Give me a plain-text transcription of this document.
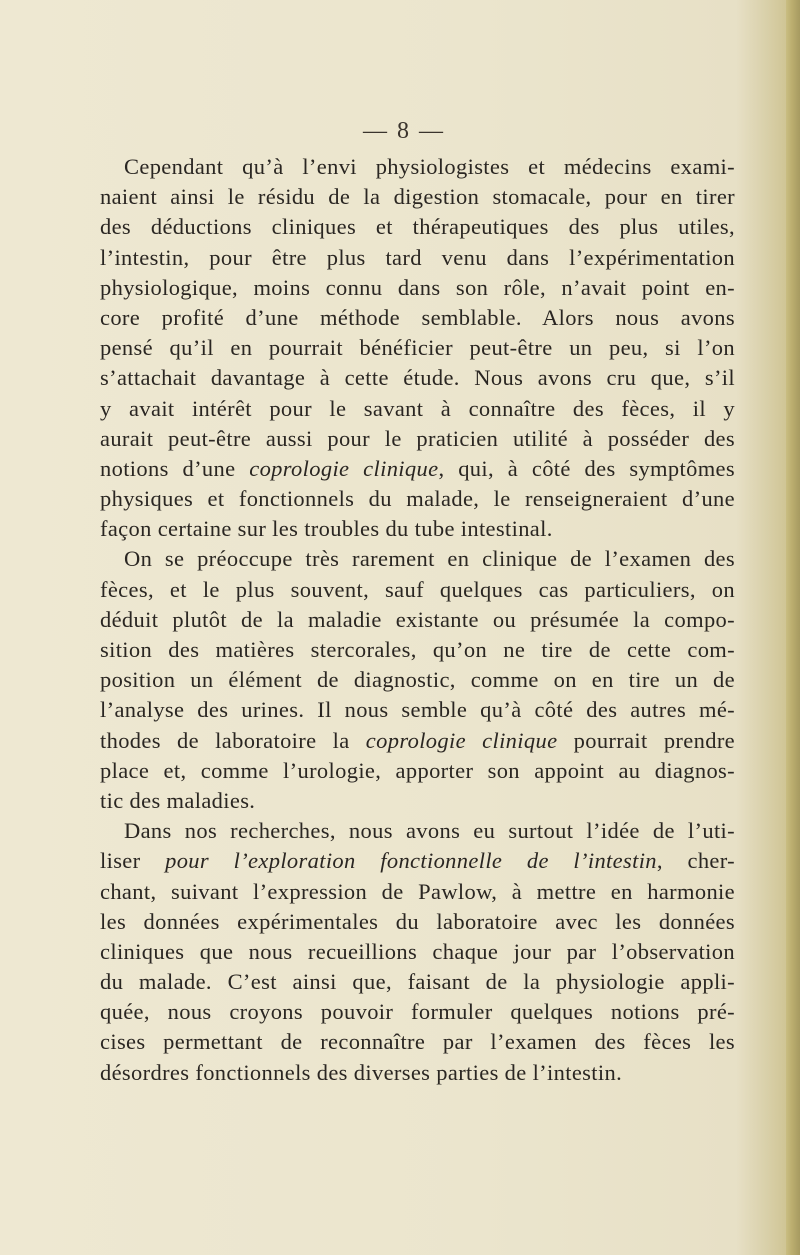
— 8 —
Cependant qu’à l’envi physiologistes et médecins exami-
naient ainsi le résidu de la digestion stomacale, pour en tirer
des déductions cliniques et thérapeutiques des plus utiles,
l’intestin, pour être plus tard venu dans l’expérimentation
physiologique, moins connu dans son rôle, n’avait point en-
core profité d’une méthode semblable. Alors nous avons
pensé qu’il en pourrait bénéficier peut-être un peu, si l’on
s’attachait davantage à cette étude. Nous avons cru que, s’il
y avait intérêt pour le savant à connaître des fèces, il y
aurait peut-être aussi pour le praticien utilité à posséder des
notions d’une coprologie clinique, qui, à côté des symptômes
physiques et fonctionnels du malade, le renseigneraient d’une
façon certaine sur les troubles du tube intestinal.
On se préoccupe très rarement en clinique de l’examen des
fèces, et le plus souvent, sauf quelques cas particuliers, on
déduit plutôt de la maladie existante ou présumée la compo-
sition des matières stercorales, qu’on ne tire de cette com-
position un élément de diagnostic, comme on en tire un de
l’analyse des urines. Il nous semble qu’à côté des autres mé-
thodes de laboratoire la coprologie clinique pourrait prendre
place et, comme l’urologie, apporter son appoint au diagnos-
tic des maladies.
Dans nos recherches, nous avons eu surtout l’idée de l’uti-
liser pour l’exploration fonctionnelle de l’intestin, cher-
chant, suivant l’expression de Pawlow, à mettre en harmonie
les données expérimentales du laboratoire avec les données
cliniques que nous recueillions chaque jour par l’observation
du malade. C’est ainsi que, faisant de la physiologie appli-
quée, nous croyons pouvoir formuler quelques notions pré-
cises permettant de reconnaître par l’examen des fèces les
désordres fonctionnels des diverses parties de l’intestin.
